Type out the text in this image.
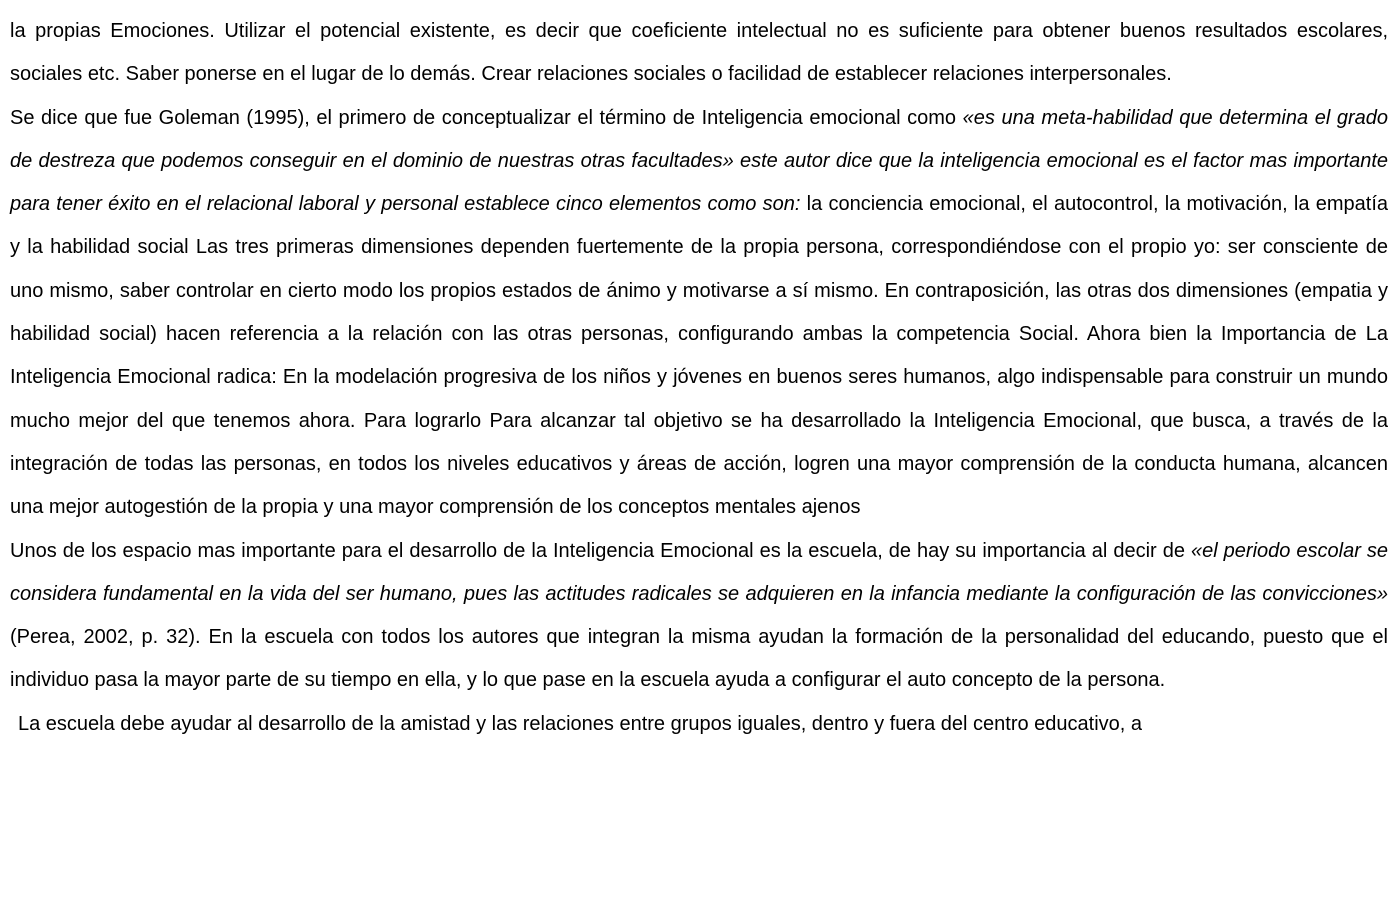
la propias Emociones. Utilizar el potencial existente, es decir que coeficiente intelectual no es suficiente para obtener buenos resultados escolares, sociales etc. Saber ponerse en el lugar de lo demás. Crear relaciones sociales o facilidad de establecer relaciones interpersonales.

Se dice que fue Goleman (1995), el primero de conceptualizar el término de Inteligencia emocional como «es una meta-habilidad que determina el grado de destreza que podemos conseguir en el dominio de nuestras otras facultades» este autor dice que la inteligencia emocional es el factor mas importante para tener éxito en el relacional laboral y personal establece cinco elementos como son: la conciencia emocional, el autocontrol, la motivación, la empatía y la habilidad social Las tres primeras dimensiones dependen fuertemente de la propia persona, correspondiéndose con el propio yo: ser consciente de uno mismo, saber controlar en cierto modo los propios estados de ánimo y motivarse a sí mismo. En contraposición, las otras dos dimensiones (empatia y habilidad social) hacen referencia a la relación con las otras personas, configurando ambas la competencia Social. Ahora bien la Importancia de La Inteligencia Emocional radica: En la modelación progresiva de los niños y jóvenes en buenos seres humanos, algo indispensable para construir un mundo mucho mejor del que tenemos ahora. Para lograrlo Para alcanzar tal objetivo se ha desarrollado la Inteligencia Emocional, que busca, a través de la integración de todas las personas, en todos los niveles educativos y áreas de acción, logren una mayor comprensión de la conducta humana, alcancen una mejor autogestión de la propia y una mayor comprensión de los conceptos mentales ajenos

Unos de los espacio mas importante para el desarrollo de la Inteligencia Emocional es la escuela, de hay su importancia al decir de «el periodo escolar se considera fundamental en la vida del ser humano, pues las actitudes radicales se adquieren en la infancia mediante la configuración de las convicciones» (Perea, 2002, p. 32). En la escuela con todos los autores que integran la misma ayudan la formación de la personalidad del educando, puesto que el individuo pasa la mayor parte de su tiempo en ella, y lo que pase en la escuela ayuda a configurar el auto concepto de la persona.

La escuela debe ayudar al desarrollo de la amistad y las relaciones entre grupos iguales, dentro y fuera del centro educativo, a
